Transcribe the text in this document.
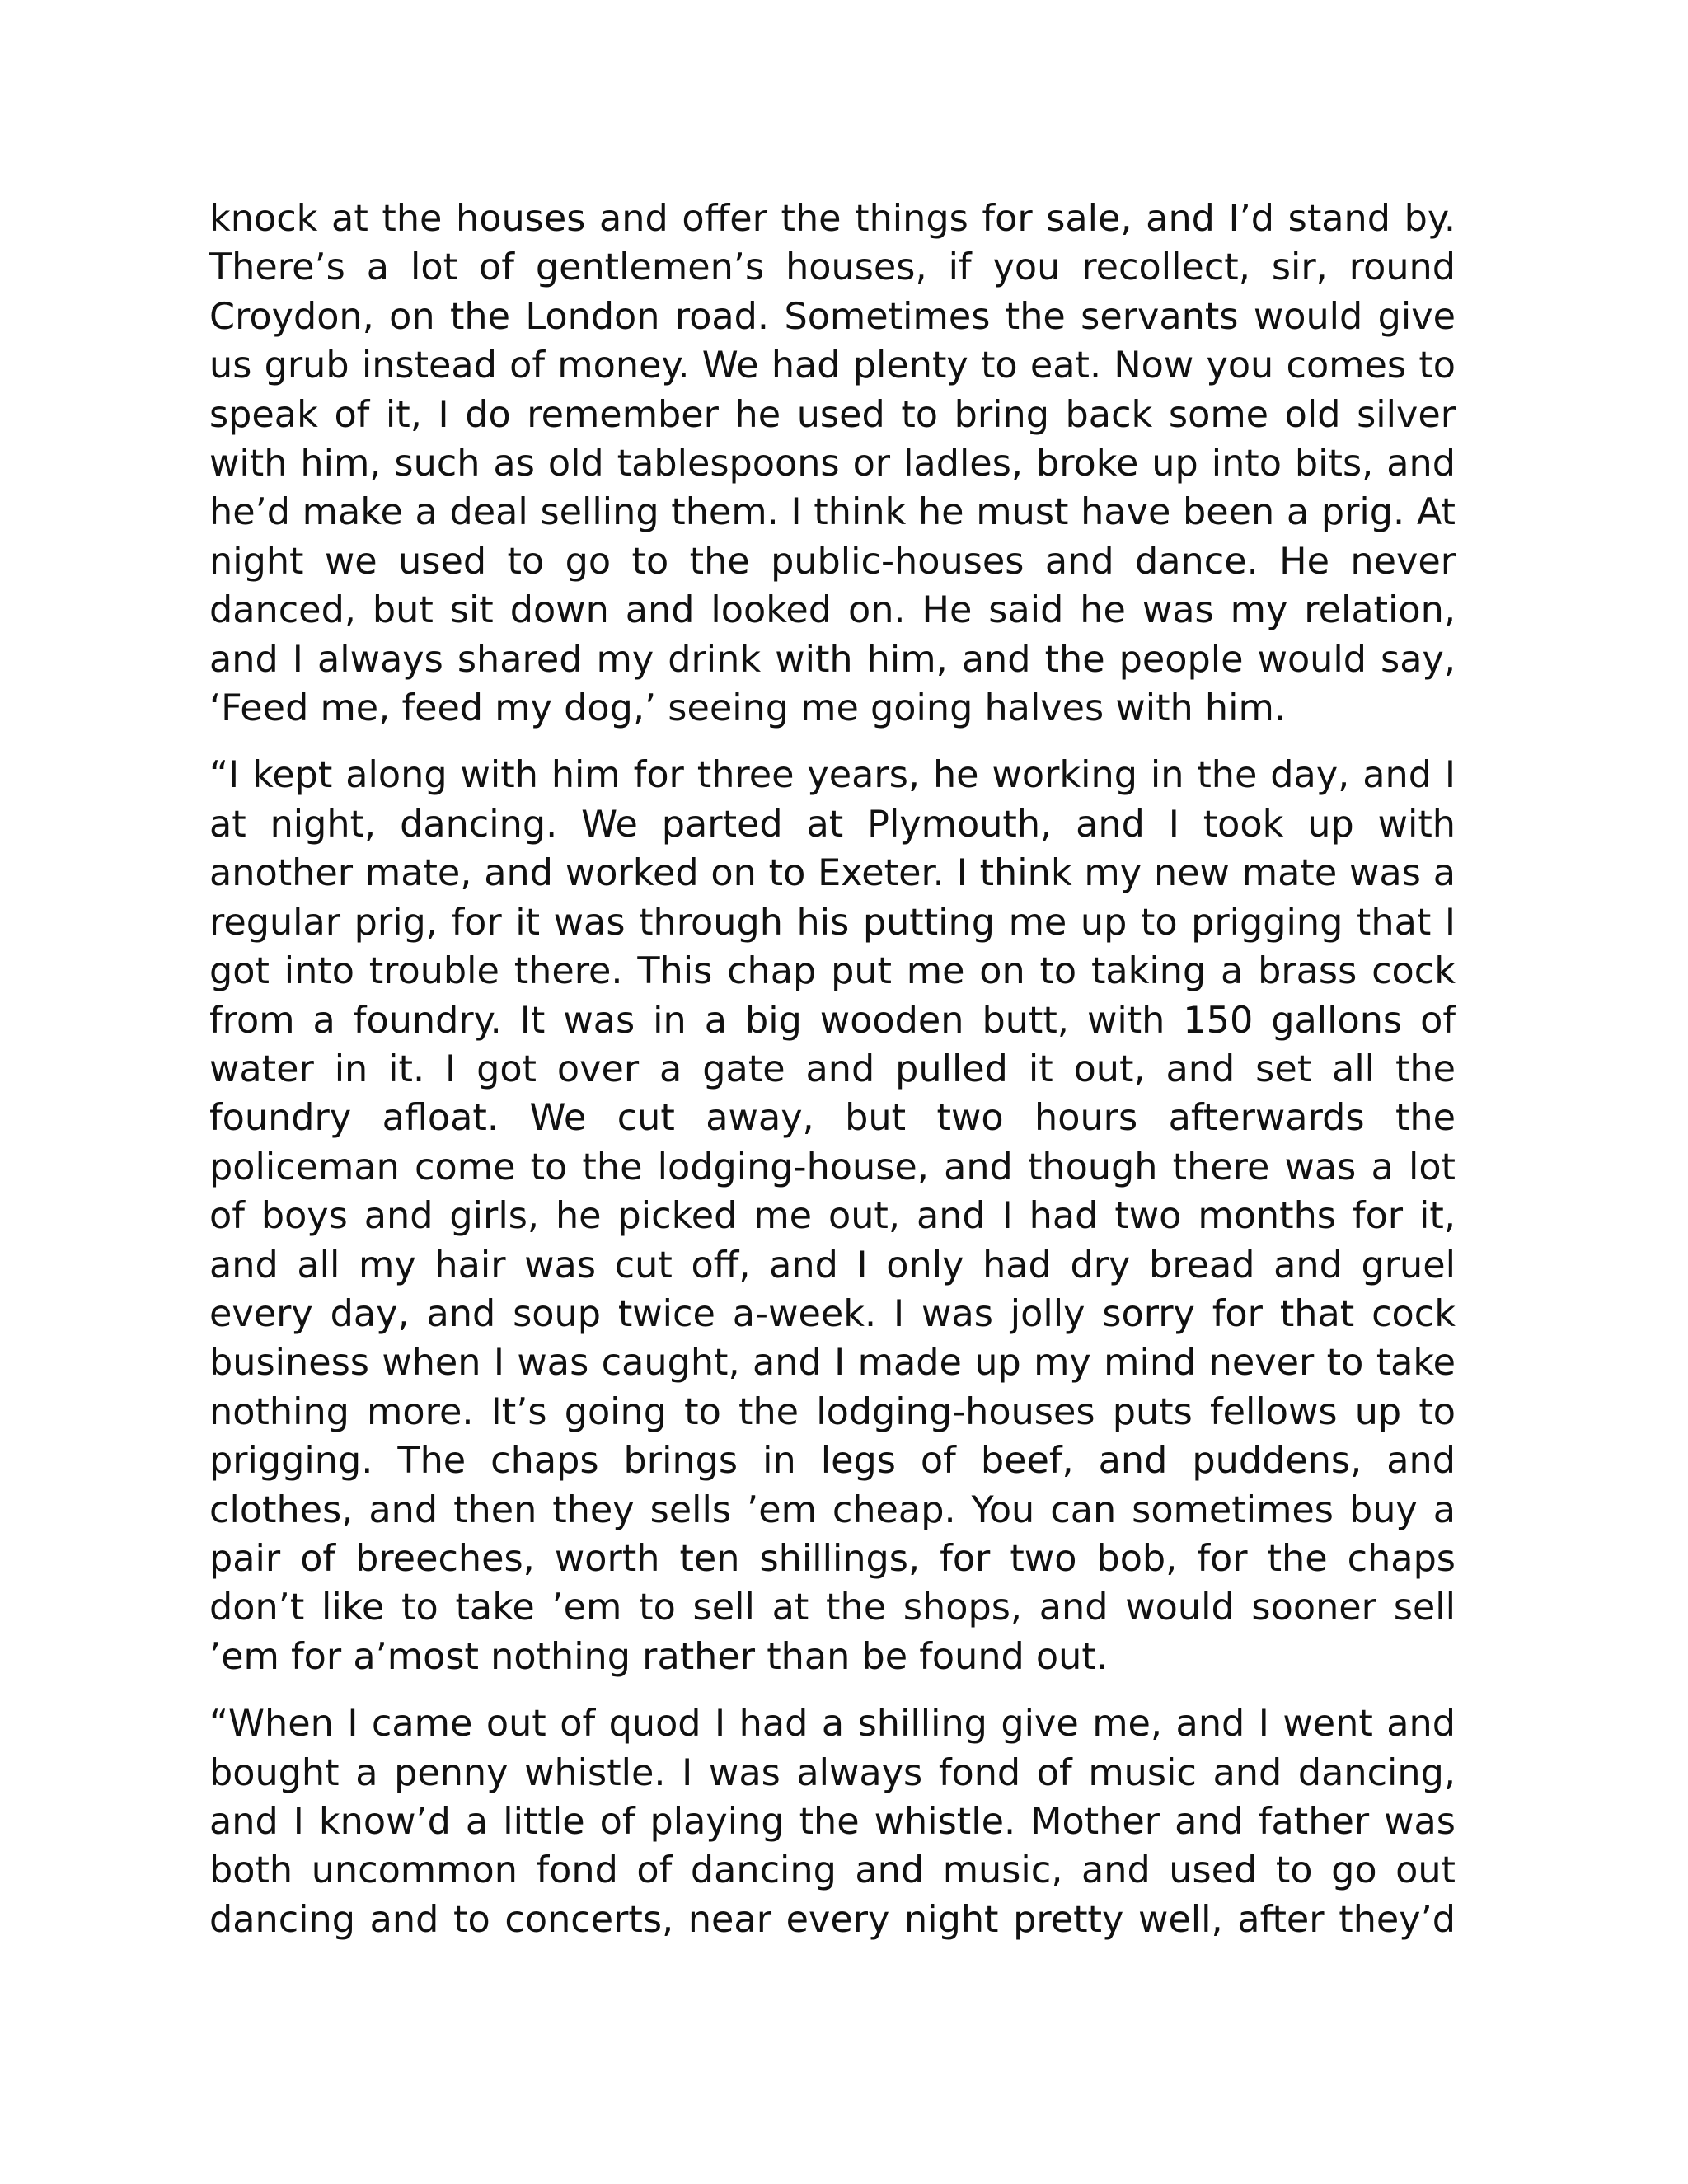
knock at the houses and offer the things for sale, and I’d stand by. There’s a lot of gentlemen’s houses, if you recollect, sir, round Croydon, on the London road. Sometimes the servants would give us grub instead of money. We had plenty to eat. Now you comes to speak of it, I do remember he used to bring back some old silver with him, such as old tablespoons or ladles, broke up into bits, and he’d make a deal selling them. I think he must have been a prig. At night we used to go to the public-houses and dance. He never danced, but sit down and looked on. He said he was my relation, and I always shared my drink with him, and the people would say, ‘Feed me, feed my dog,’ seeing me going halves with him.

“I kept along with him for three years, he working in the day, and I at night, dancing. We parted at Plymouth, and I took up with another mate, and worked on to Exeter. I think my new mate was a regular prig, for it was through his putting me up to prigging that I got into trouble there. This chap put me on to taking a brass cock from a foundry. It was in a big wooden butt, with 150 gallons of water in it. I got over a gate and pulled it out, and set all the foundry afloat. We cut away, but two hours afterwards the policeman come to the lodging-house, and though there was a lot of boys and girls, he picked me out, and I had two months for it, and all my hair was cut off, and I only had dry bread and gruel every day, and soup twice a-week. I was jolly sorry for that cock business when I was caught, and I made up my mind never to take nothing more. It’s going to the lodging-houses puts fellows up to prigging. The chaps brings in legs of beef, and puddens, and clothes, and then they sells ’em cheap. You can sometimes buy a pair of breeches, worth ten shillings, for two bob, for the chaps don’t like to take ’em to sell at the shops, and would sooner sell ’em for a’most nothing rather than be found out.

“When I came out of quod I had a shilling give me, and I went and bought a penny whistle. I was always fond of music and dancing, and I know’d a little of playing the whistle. Mother and father was both uncommon fond of dancing and music, and used to go out dancing and to concerts, near every night pretty well, after they’d
